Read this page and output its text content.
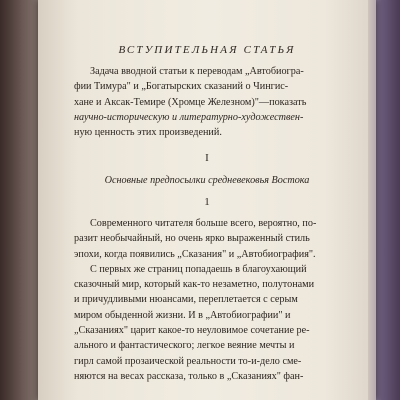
ВСТУПИТЕЛЬНАЯ СТАТЬЯ
Задача вводной статьи к переводам „Автобиогра-
фии Тимура" и „Богатырских сказаний о Чингис-
хане и Аксак-Темире (Хромце Железном)"—показать
научно-историческую и литературно-художествен-
ную ценность этих произведений.
I
Основные предпосылки средневековья Востока
1
Современного читателя больше всего, вероятно, по-
разит необычайный, но очень ярко выраженный стиль
эпохи, когда появились „Сказания" и „Автобиография".
С первых же страниц попадаешь в благоухающий
сказочный мир, который как-то незаметно, полутонами
и причудливыми нюансами, переплетается с серым
миром обыденной жизни. И в „Автобиографии" и
„Сказаниях" царит какое-то неуловимое сочетание ре-
ального и фантастического; легкое веяние мечты и
гирл самой прозаической реальности то-и-дело сме-
няются на весах рассказа, только в „Сказаниях" фан-
